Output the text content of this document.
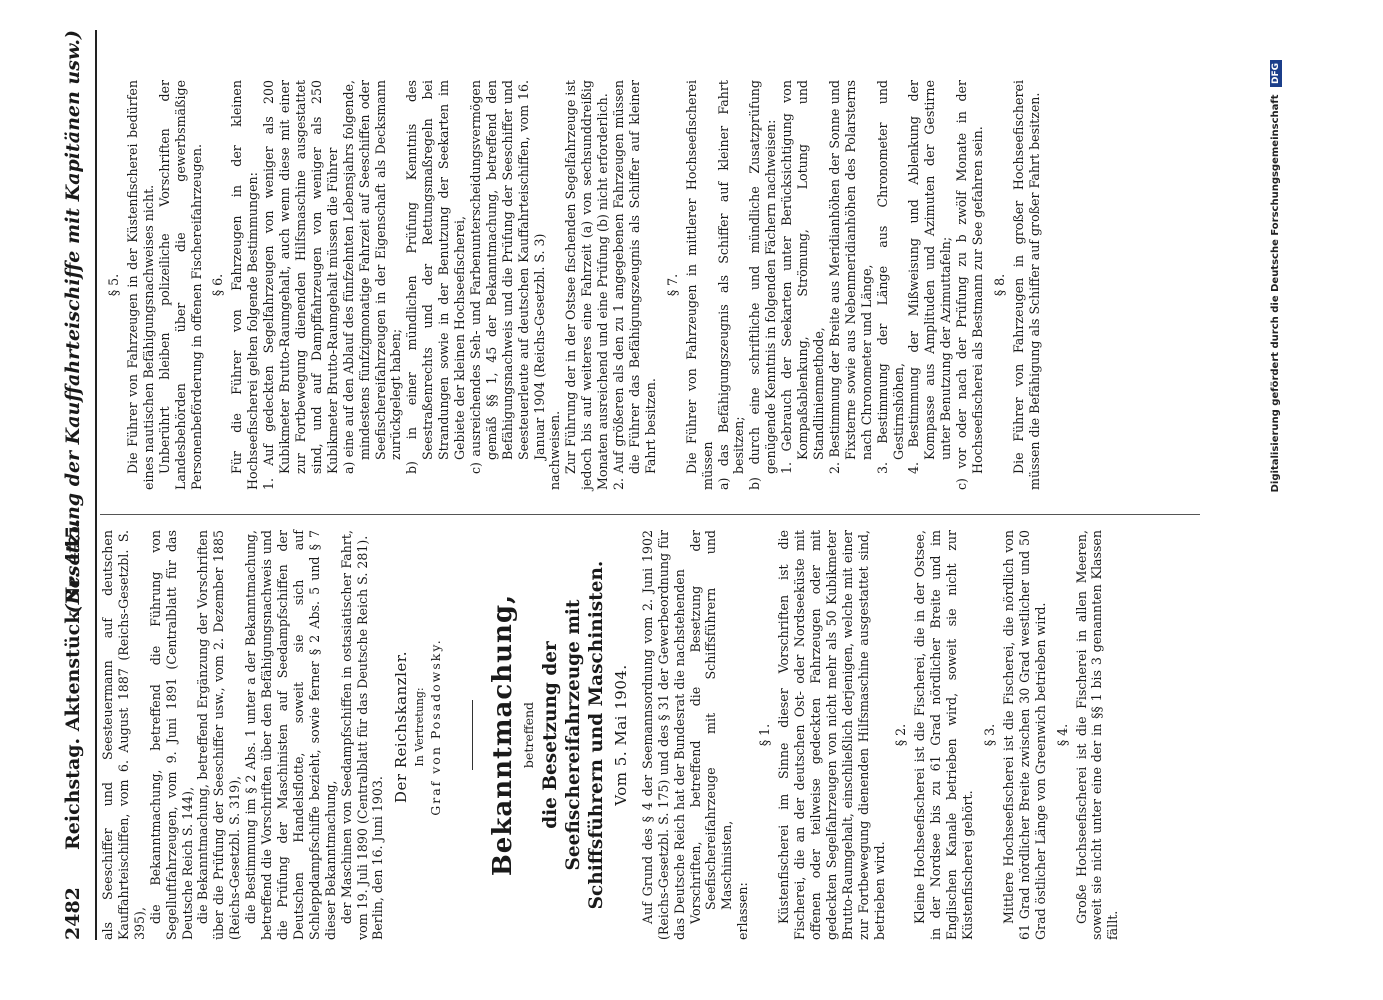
2482
Reichstag. Aktenstück Nr. 445.
(Besetzung der Kauffahrteischiffe mit Kapitänen usw.)

als Seeschiffer und Seesteuermann auf deutschen Kauffahrteischiffen, vom 6. August 1887 (Reichs-Gesetzbl. S. 395), die Bekanntmachung, betreffend die Führung von Segelluftfahrzeugen, vom 9. Juni 1891 (Centralblatt für das Deutsche Reich S. 144), die Bekanntmachung, betreffend Ergänzung der Vorschriften über die Prüfung der Seeschiffer usw., vom 2. Dezember 1885 (Reichs-Gesetzbl. S. 319), die Bestimmung im § 2 Abs. 1 unter a der Bekanntmachung, betreffend die Vorschriften über den Befähigungsnachweis und die Prüfung der Maschinisten auf Seedampfschiffen der Deutschen Handelsflotte, soweit sie sich auf Schleppdampfschiffe bezieht, sowie ferner § 2 Abs. 5 und § 7 dieser Bekanntmachung, der Maschinen von Seedampfschiffen in ostasiatischer Fahrt, vom 19. Juli 1890 (Centralblatt für das Deutsche Reich S. 281). Berlin, den 16. Juni 1903.

Der Reichskanzler. In Vertretung: Graf von Posadowsky. Bekanntmachung, betreffend die Besetzung der Seefischereifahrzeuge mit Schiffsführern und Maschinisten. Vom 5. Mai 1904. Auf Grund des § 4 der Seemannsordnung vom 2. Juni 1902 (Reichs-Gesetzbl. S. 175) und des § 31 der Gewerbeordnung für das Deutsche Reich hat der Bundesrat die nachstehenden Vorschriften, betreffend die Besetzung der Seefischereifahrzeuge mit Schiffsführern und Maschinisten,

erlassen:

§ 1. Küstenfischerei im Sinne dieser Vorschriften ist die Fischerei, die an der deutschen Ost- oder Nordseeküste mit offenen oder teilweise gedeckten Fahrzeugen oder mit gedeckten Segelfahrzeugen von nicht mehr als 50 Kubikmeter Brutto-Raumgehalt, einschließlich derjenigen, welche mit einer zur Fortbewegung dienenden Hilfsmaschine ausgestattet sind, betrieben wird.

§ 2. Kleine Hochseefischerei ist die Fischerei, die in der Ostsee, in der Nordsee bis zu 61 Grad nördlicher Breite und im Englischen Kanale betrieben wird, soweit sie nicht zur Küstenfischerei gehört.

§ 3. Mittlere Hochseefischerei ist die Fischerei, die nördlich von 61 Grad nördlicher Breite zwischen 30 Grad westlicher und 50 Grad östlicher Länge von Greenwich betrieben wird. § 4. Große Hochseefischerei ist die Fischerei in allen Meeren, soweit sie nicht unter eine der in §§ 1 bis 3 genannten Klassen fällt.

§ 5. Die Führer von Fahrzeugen in der Küstenfischerei bedürfen eines nautischen Befähigungsnachweises nicht. Unberührt bleiben polizeiliche Vorschriften der Landesbehörden über die gewerbsmäßige Personenbeförderung in offenen Fischereifahrzeugen. § 6. Für die Führer von Fahrzeugen in der kleinen Hochseefischerei gelten folgende Bestimmungen: 1. Auf gedeckten Segelfahrzeugen von weniger als 200 Kubikmeter Brutto-Raumgehalt, auch wenn diese mit einer zur Fortbewegung dienenden Hilfsmaschine ausgestattet sind, und auf Dampffahrzeugen von weniger als 250 Kubikmeter Brutto-Raumgehalt müssen die Führer a) eine auf den Ablauf des fünfzehnten Lebensjahrs folgende, mindestens fünfzigmonatige Fahrzeit auf Seeschiffen oder Seefischereifahrzeugen in der Eigenschaft als Decksmann zurückgelegt haben; b) in einer mündlichen Prüfung Kenntnis des Seestraßenrechts und der Rettungsmaßregeln bei Strandungen sowie in der Benutzung der Seekarten im Gebiete der kleinen Hochseefischerei, c) ausreichendes Seh- und Farbenunterscheidungsvermögen gemäß §§ 1, 45 der Bekanntmachung, betreffend den Befähigungsnachweis und die Prüfung der Seeschiffer und Seesteuerleute auf deutschen Kauffahrteischiffen, vom 16. Januar 1904 (Reichs-Gesetzbl. S. 3) nachweisen. Zur Führung der in der Ostsee fischenden Segelfahrzeuge ist jedoch bis auf weiteres eine Fahrzeit (a) von sechsunddreißig Monaten ausreichend und eine Prüfung (b) nicht erforderlich. 2. Auf größeren als den zu 1 angegebenen Fahrzeugen müssen die Führer das Befähigungszeugnis als Schiffer auf kleiner Fahrt besitzen.

§ 7. Die Führer von Fahrzeugen in mittlerer Hochseefischerei müssen a) das Befähigungszeugnis als Schiffer auf kleiner Fahrt besitzen; b) durch eine schriftliche und mündliche Zusatzprüfung genügende Kenntnis in folgenden Fächern nachweisen: 1. Gebrauch der Seekarten unter Berücksichtigung von Kompaßablenkung, Strömung, Lotung und Standlinienmethode, 2. Bestimmung der Breite aus Meridianhöhen der Sonne und Fixsterne sowie aus Nebenmeridianhöhen des Polarsterns nach Chronometer und Länge, 3. Bestimmung der Länge aus Chronometer und Gestirnshöhen, 4. Bestimmung der Mißweisung und Ablenkung der Kompasse aus Amplituden und Azimuten der Gestirne unter Benutzung der Azimuttafeln; c) vor oder nach der Prüfung zu b zwölf Monate in der Hochseefischerei als Bestmann zur See gefahren sein. § 8. Die Führer von Fahrzeugen in großer Hochseefischerei müssen die Befähigung als Schiffer auf großer Fahrt besitzen.	Digitalisierung gefördert durch die Deutsche Forschungsgemeinschaft DFG
